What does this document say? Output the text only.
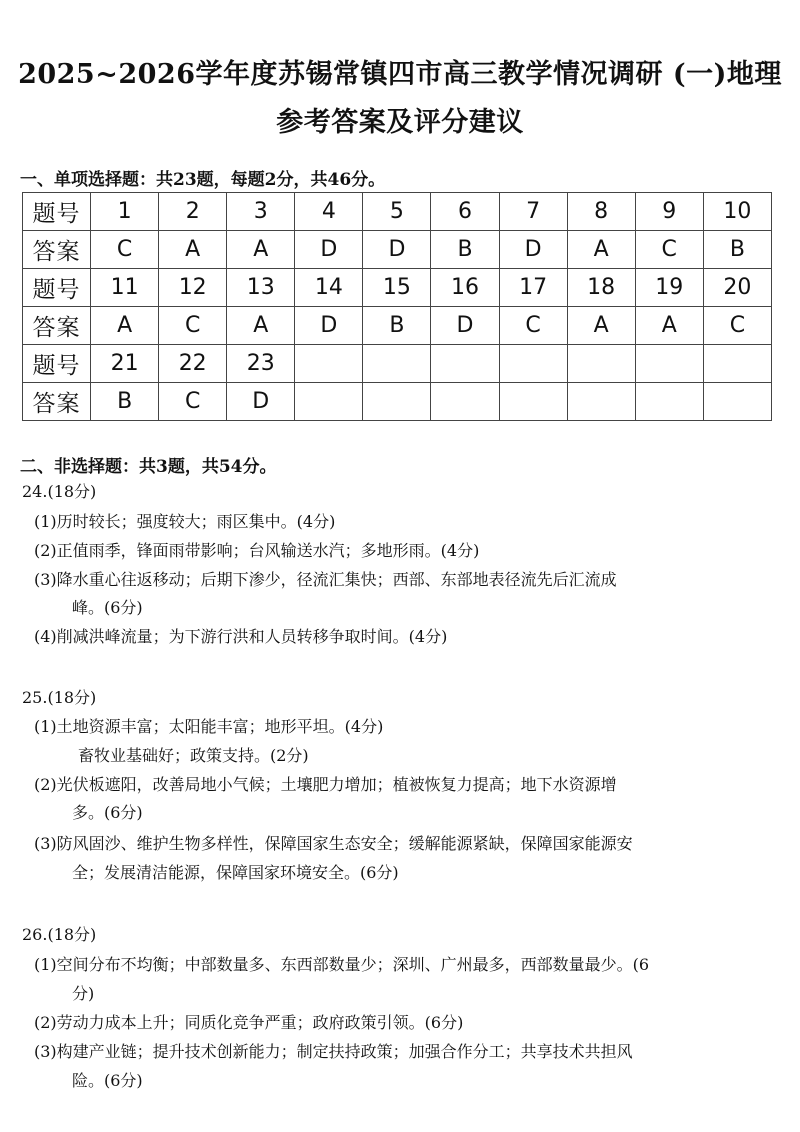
2025~2026学年度苏锡常镇四市高三教学情况调研 (一)地理
参考答案及评分建议
一、单项选择题：共23题，每题2分，共46分。
题号	1	2	3	4	5	6	7	8	9	10
答案	C	A	A	D	D	B	D	A	C	B
题号	11	12	13	14	15	16	17	18	19	20
答案	A	C	A	D	B	D	C	A	A	C
题号	21	22	23							
答案	B	C	D							
二、非选择题：共3题，共54分。
24.(18分)
(1)历时较长；强度较大；雨区集中。(4分)
(2)正值雨季，锋面雨带影响；台风输送水汽；多地形雨。(4分)
(3)降水重心往返移动；后期下渗少，径流汇集快；西部、东部地表径流先后汇流成
峰。(6分)
(4)削减洪峰流量；为下游行洪和人员转移争取时间。(4分)
25.(18分)
(1)土地资源丰富；太阳能丰富；地形平坦。(4分)
畜牧业基础好；政策支持。(2分)
(2)光伏板遮阳，改善局地小气候；土壤肥力增加；植被恢复力提高；地下水资源增
多。(6分)
(3)防风固沙、维护生物多样性，保障国家生态安全；缓解能源紧缺，保障国家能源安
全；发展清洁能源，保障国家环境安全。(6分)
26.(18分)
(1)空间分布不均衡；中部数量多、东西部数量少；深圳、广州最多，西部数量最少。(6
分)
(2)劳动力成本上升；同质化竞争严重；政府政策引领。(6分)
(3)构建产业链；提升技术创新能力；制定扶持政策；加强合作分工；共享技术共担风
险。(6分)
